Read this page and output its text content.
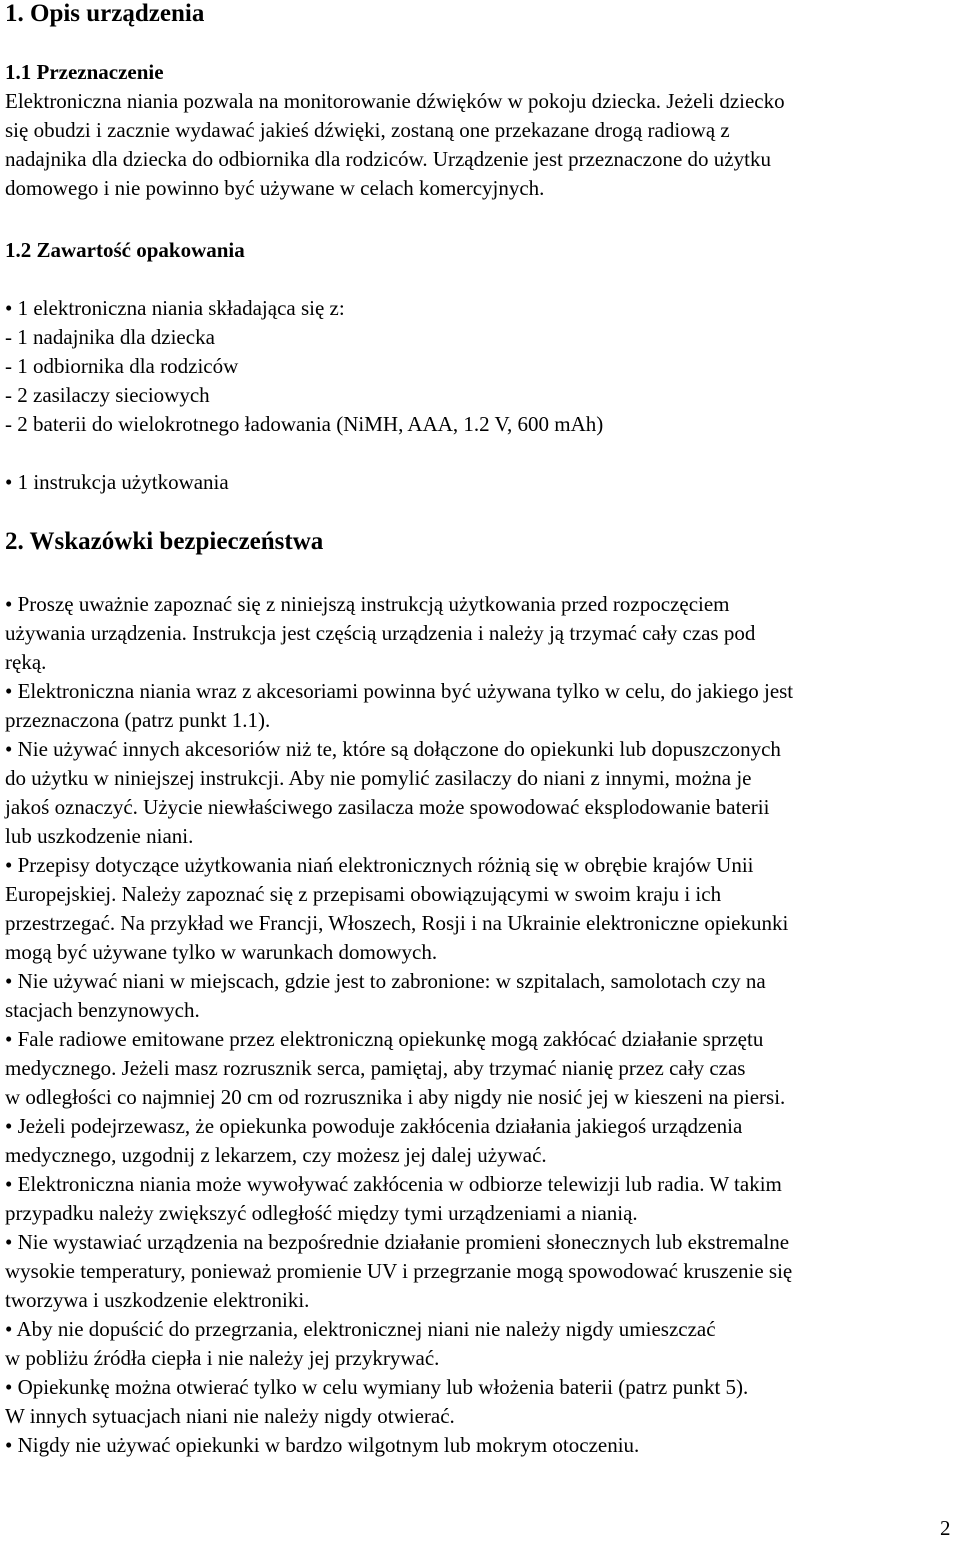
1. Opis urządzenia
1.1 Przeznaczenie
Elektroniczna niania pozwala na monitorowanie dźwięków w pokoju dziecka. Jeżeli dziecko
się obudzi i zacznie wydawać jakieś dźwięki, zostaną one przekazane drogą radiową z
nadajnika dla dziecka do odbiornika dla rodziców. Urządzenie jest przeznaczone do użytku
domowego i nie powinno być używane w celach komercyjnych.
1.2 Zawartość opakowania
• 1 elektroniczna niania składająca się z:
- 1 nadajnika dla dziecka
- 1 odbiornika dla rodziców
- 2 zasilaczy sieciowych
- 2 baterii do wielokrotnego ładowania (NiMH, AAA, 1.2 V, 600 mAh)
• 1 instrukcja użytkowania
2. Wskazówki bezpieczeństwa
• Proszę uważnie zapoznać się z niniejszą instrukcją użytkowania przed rozpoczęciem
używania urządzenia. Instrukcja jest częścią urządzenia i należy ją trzymać cały czas pod
ręką.
• Elektroniczna niania wraz z akcesoriami powinna być używana tylko w celu, do jakiego jest
przeznaczona (patrz punkt 1.1).
• Nie używać innych akcesoriów niż te, które są dołączone do opiekunki lub dopuszczonych
do użytku w niniejszej instrukcji. Aby nie pomylić zasilaczy do niani z innymi, można je
jakoś oznaczyć. Użycie niewłaściwego zasilacza może spowodować eksplodowanie baterii
lub uszkodzenie niani.
• Przepisy dotyczące użytkowania niań elektronicznych różnią się w obrębie krajów Unii
Europejskiej. Należy zapoznać się z przepisami obowiązującymi w swoim kraju i ich
przestrzegać. Na przykład we Francji, Włoszech, Rosji i na Ukrainie elektroniczne opiekunki
mogą być używane tylko w warunkach domowych.
• Nie używać niani w miejscach, gdzie jest to zabronione: w szpitalach, samolotach czy na
stacjach benzynowych.
• Fale radiowe emitowane przez elektroniczną opiekunkę mogą zakłócać działanie sprzętu
medycznego. Jeżeli masz rozrusznik serca, pamiętaj, aby trzymać nianię przez cały czas
w odległości co najmniej 20 cm od rozrusznika i aby nigdy nie nosić jej w kieszeni na piersi.
• Jeżeli podejrzewasz, że opiekunka powoduje zakłócenia działania jakiegoś urządzenia
medycznego, uzgodnij z lekarzem, czy możesz jej dalej używać.
• Elektroniczna niania może wywoływać zakłócenia w odbiorze telewizji lub radia. W takim
przypadku należy zwiększyć odległość między tymi urządzeniami a nianią.
• Nie wystawiać urządzenia na bezpośrednie działanie promieni słonecznych lub ekstremalne
wysokie temperatury, ponieważ promienie UV i przegrzanie mogą spowodować kruszenie się
tworzywa i uszkodzenie elektroniki.
• Aby nie dopuścić do przegrzania, elektronicznej niani nie należy nigdy umieszczać
w pobliżu źródła ciepła i nie należy jej przykrywać.
• Opiekunkę można otwierać tylko w celu wymiany lub włożenia baterii (patrz punkt 5).
W innych sytuacjach niani nie należy nigdy otwierać.
• Nigdy nie używać opiekunki w bardzo wilgotnym lub mokrym otoczeniu.
2
